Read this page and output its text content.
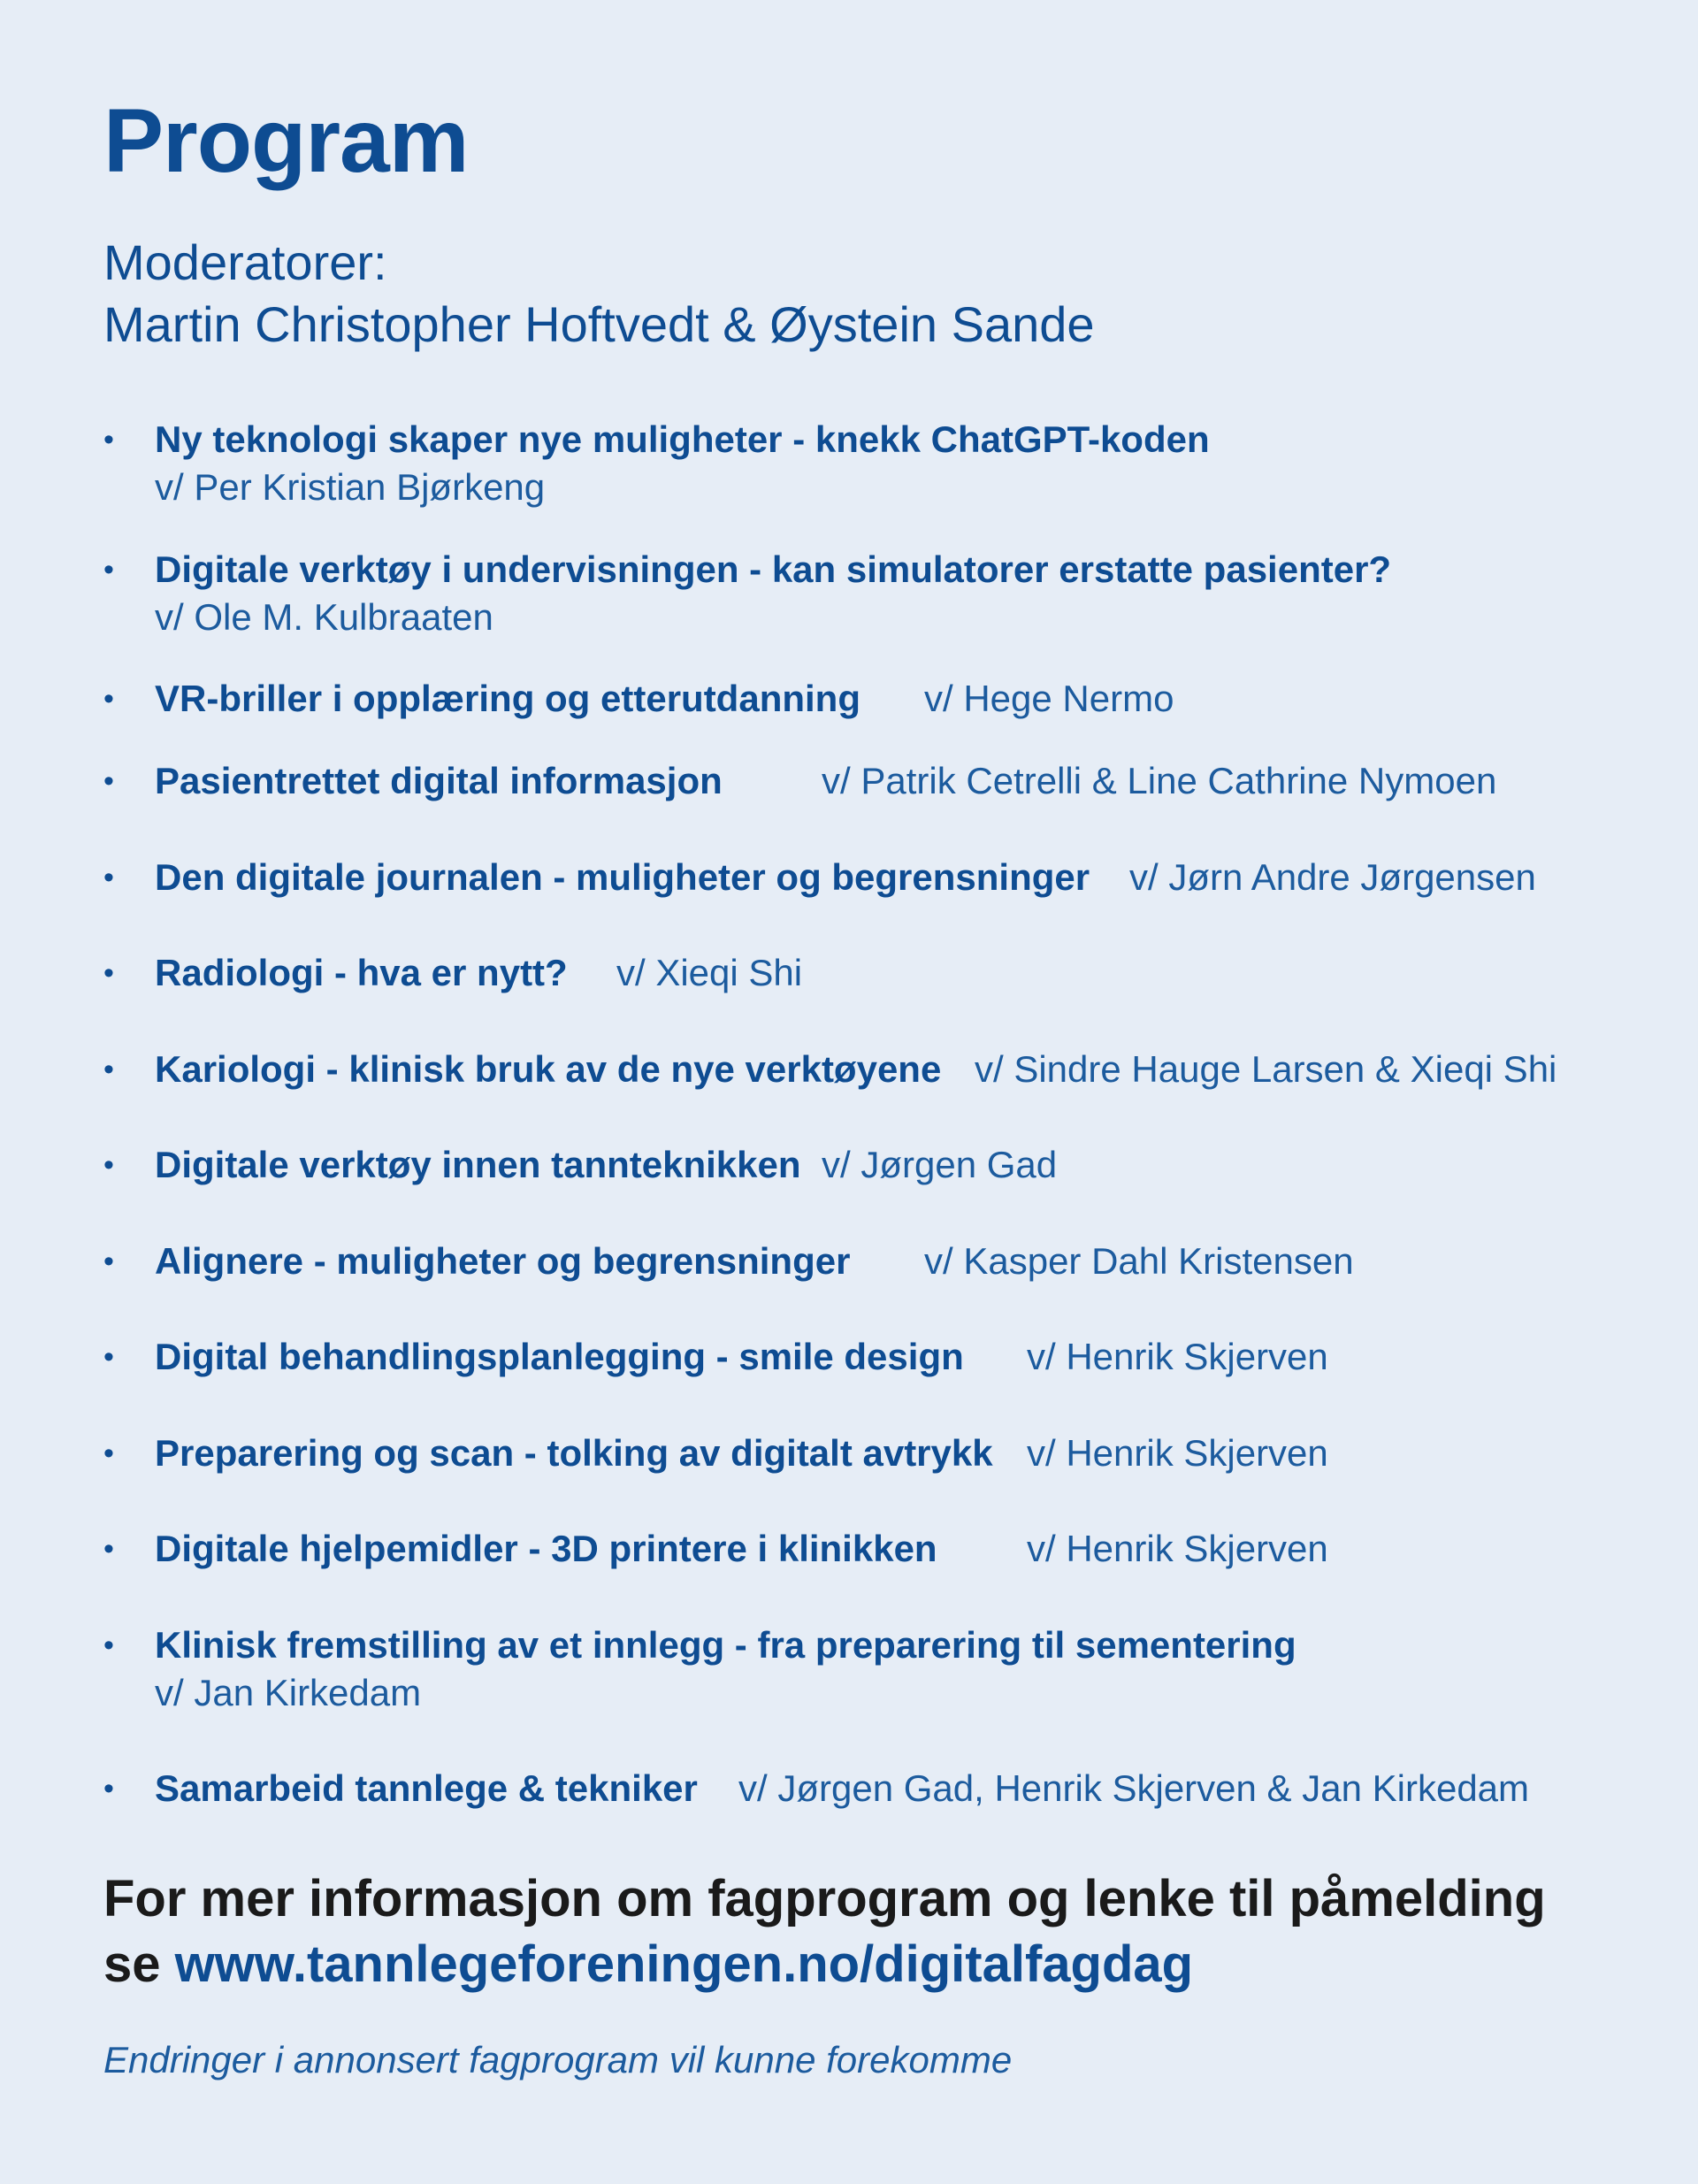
Program
Moderatorer:
Martin Christopher Hoftvedt & Øystein Sande
• Ny teknologi skaper nye muligheter - knekk ChatGPT-koden
v/ Per Kristian Bjørkeng
• Digitale verktøy i undervisningen - kan simulatorer erstatte pasienter?
v/ Ole M. Kulbraaten
• VR-briller i opplæring og etterutdanning v/ Hege Nermo
• Pasientrettet digital informasjon	v/ Patrik Cetrelli & Line Cathrine Nymoen
• Den digitale journalen - muligheter og begrensninger v/ Jørn Andre Jørgensen
• Radiologi - hva er nytt? v/ Xieqi Shi
• Kariologi - klinisk bruk av de nye verktøyene v/ Sindre Hauge Larsen & Xieqi Shi
• Digitale verktøy innen tannteknikken v/ Jørgen Gad
• Alignere - muligheter og begrensninger v/ Kasper Dahl Kristensen
• Digital behandlingsplanlegging - smile design v/ Henrik Skjerven
• Preparering og scan - tolking av digitalt avtrykk v/ Henrik Skjerven
• Digitale hjelpemidler - 3D printere i klinikken v/ Henrik Skjerven
• Klinisk fremstilling av et innlegg - fra preparering til sementering
v/ Jan Kirkedam
• Samarbeid tannlege & tekniker v/ Jørgen Gad, Henrik Skjerven & Jan Kirkedam
For mer informasjon om fagprogram og lenke til påmelding
se www.tannlegeforeningen.no/digitalfagdag
Endringer i annonsert fagprogram vil kunne forekomme
